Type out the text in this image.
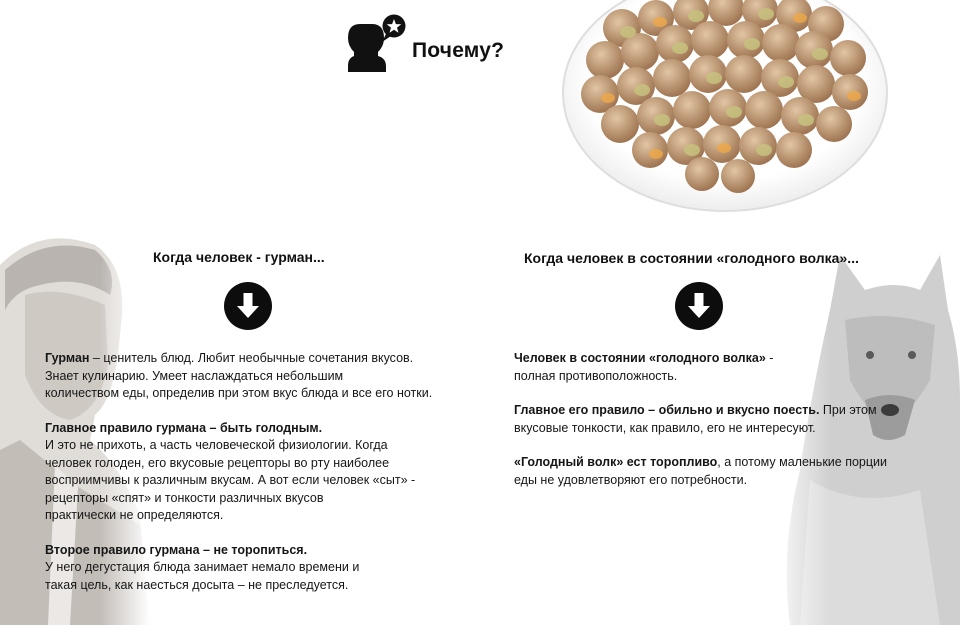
Почему?
Когда человек - гурман...	Когда человек в состоянии «голодного волка»...

Гурман – ценитель блюд. Любит необычные сочетания вкусов.
Знает кулинарию. Умеет наслаждаться небольшим
количеством еды, определив при этом вкус блюда и все его нотки.

Главное правило гурмана – быть голодным.
И это не прихоть, а часть человеческой физиологии. Когда
человек голоден, его вкусовые рецепторы во рту наиболее
восприимчивы к различным вкусам. А вот если человек «сыт» -
рецепторы «спят» и тонкости различных вкусов
практически не определяются.

Второе правило гурмана – не торопиться.
У него дегустация блюда занимает немало времени и
такая цель, как наесться досыта – не преследуется.

Человек в состоянии «голодного волка» -
полная противоположность.

Главное его правило – обильно и вкусно поесть. При этом
вкусовые тонкости, как правило, его не интересуют.

«Голодный волк» ест торопливо, а потому маленькие порции
еды не удовлетворяют его потребности.
